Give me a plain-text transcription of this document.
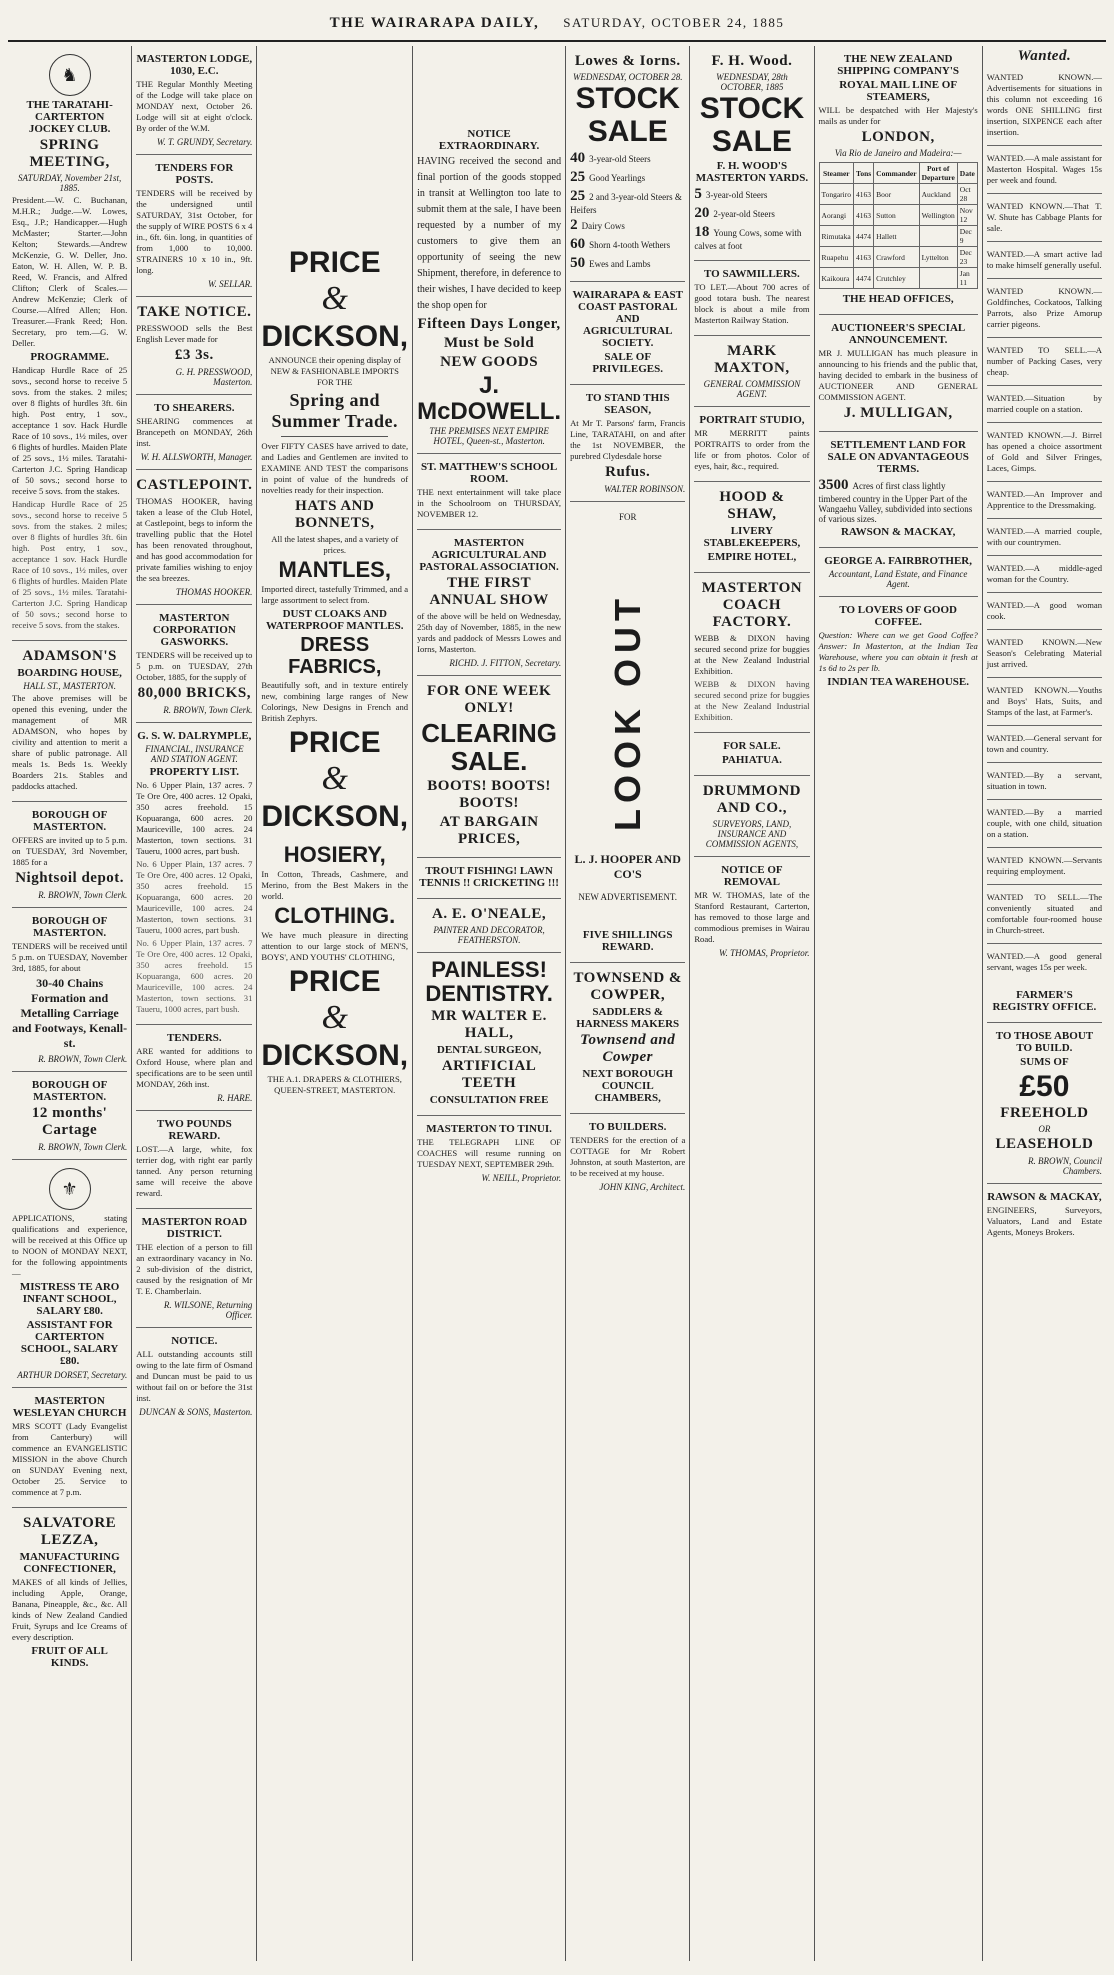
THE WAIRARAPA DAILY, SATURDAY, OCTOBER 24, 1885
♞
THE TARATAHI-CARTERTON JOCKEY CLUB.
SPRING MEETING,
SATURDAY, November 21st, 1885.
President.—W. C. Buchanan, M.H.R.; Judge.—W. Lowes, Esq., J.P.; Handicapper.—Hugh McMaster; Starter.—John Kelton; Stewards.—Andrew McKenzie, G. W. Deller, Jno. Eaton, W. H. Allen, W. P. B. Reed, W. Francis, and Alfred Clifton; Clerk of Scales.—Andrew McKenzie; Clerk of Course.—Alfred Allen; Hon. Treasurer.—Frank Reed; Hon. Secretary, pro tem.—G. W. Deller.
PROGRAMME.
Handicap Hurdle Race of 25 sovs., second horse to receive 5 sovs. from the stakes. 2 miles; over 8 flights of hurdles 3ft. 6in high. Post entry, 1 sov., acceptance 1 sov. Hack Hurdle Race of 10 sovs., 1½ miles, over 6 flights of hurdles. Maiden Plate of 25 sovs., 1½ miles. Taratahi-Carterton J.C. Spring Handicap of 50 sovs.; second horse to receive 5 sovs. from the stakes.
Handicap Hurdle Race of 25 sovs., second horse to receive 5 sovs. from the stakes. 2 miles; over 8 flights of hurdles 3ft. 6in high. Post entry, 1 sov., acceptance 1 sov. Hack Hurdle Race of 10 sovs., 1½ miles, over 6 flights of hurdles. Maiden Plate of 25 sovs., 1½ miles. Taratahi-Carterton J.C. Spring Handicap of 50 sovs.; second horse to receive 5 sovs. from the stakes.
ADAMSON'S
BOARDING HOUSE,
HALL ST., MASTERTON.
The above premises will be opened this evening, under the management of MR ADAMSON, who hopes by civility and attention to merit a share of public patronage. All meals 1s. Beds 1s. Weekly Boarders 21s. Stables and paddocks attached.
BOROUGH OF MASTERTON.
OFFERS are invited up to 5 p.m. on TUESDAY, 3rd November, 1885 for a
Nightsoil depot.
R. BROWN, Town Clerk.
BOROUGH OF MASTERTON.
TENDERS will be received until 5 p.m. on TUESDAY, November 3rd, 1885, for about
30-40 Chains Formation and Metalling Carriage and Footways, Kenall-st.
R. BROWN, Town Clerk.
BOROUGH OF MASTERTON.
12 months' Cartage
R. BROWN, Town Clerk.
⚜
APPLICATIONS, stating qualifications and experience, will be received at this Office up to NOON of MONDAY NEXT, for the following appointments—
MISTRESS TE ARO INFANT SCHOOL, SALARY £80.
ASSISTANT FOR CARTERTON SCHOOL, SALARY £80.
ARTHUR DORSET, Secretary.
MASTERTON WESLEYAN CHURCH
MRS SCOTT (Lady Evangelist from Canterbury) will commence an EVANGELISTIC MISSION in the above Church on SUNDAY Evening next, October 25. Service to commence at 7 p.m.
SALVATORE LEZZA,
MANUFACTURING CONFECTIONER,
MAKES of all kinds of Jellies, including Apple, Orange, Banana, Pineapple, &c., &c. All kinds of New Zealand Candied Fruit, Syrups and Ice Creams of every description.
FRUIT OF ALL KINDS.
MASTERTON LODGE, 1030, E.C.
THE Regular Monthly Meeting of the Lodge will take place on MONDAY next, October 26. Lodge will sit at eight o'clock. By order of the W.M.
W. T. GRUNDY, Secretary.
TENDERS FOR POSTS.
TENDERS will be received by the undersigned until SATURDAY, 31st October, for the supply of WIRE POSTS 6 x 4 in., 6ft. 6in. long, in quantities of from 1,000 to 10,000. STRAINERS 10 x 10 in., 9ft. long.
W. SELLAR.
TAKE NOTICE.
PRESSWOOD sells the Best English Lever made for
£3 3s.
G. H. PRESSWOOD, Masterton.
TO SHEARERS.
SHEARING commences at Brancepeth on MONDAY, 26th inst.
W. H. ALLSWORTH, Manager.
CASTLEPOINT.
THOMAS HOOKER, having taken a lease of the Club Hotel, at Castlepoint, begs to inform the travelling public that the Hotel has been renovated throughout, and has good accommodation for private families wishing to enjoy the sea breezes.
THOMAS HOOKER.
MASTERTON CORPORATION GASWORKS.
TENDERS will be received up to 5 p.m. on TUESDAY, 27th October, 1885, for the supply of
80,000 BRICKS,
R. BROWN, Town Clerk.
G. S. W. DALRYMPLE,
FINANCIAL, INSURANCE AND STATION AGENT.
PROPERTY LIST.
No. 6 Upper Plain, 137 acres. 7 Te Ore Ore, 400 acres. 12 Opaki, 350 acres freehold. 15 Kopuaranga, 600 acres. 20 Mauriceville, 100 acres. 24 Masterton, town sections. 31 Taueru, 1000 acres, part bush.
No. 6 Upper Plain, 137 acres. 7 Te Ore Ore, 400 acres. 12 Opaki, 350 acres freehold. 15 Kopuaranga, 600 acres. 20 Mauriceville, 100 acres. 24 Masterton, town sections. 31 Taueru, 1000 acres, part bush.
No. 6 Upper Plain, 137 acres. 7 Te Ore Ore, 400 acres. 12 Opaki, 350 acres freehold. 15 Kopuaranga, 600 acres. 20 Mauriceville, 100 acres. 24 Masterton, town sections. 31 Taueru, 1000 acres, part bush.
TENDERS.
ARE wanted for additions to Oxford House, where plan and specifications are to be seen until MONDAY, 26th inst.
R. HARE.
TWO POUNDS REWARD.
LOST.—A large, white, fox terrier dog, with right ear partly tanned. Any person returning same will receive the above reward.
MASTERTON ROAD DISTRICT.
THE election of a person to fill an extraordinary vacancy in No. 2 sub-division of the district, caused by the resignation of Mr T. E. Chamberlain.
R. WILSONE, Returning Officer.
NOTICE.
ALL outstanding accounts still owing to the late firm of Osmand and Duncan must be paid to us without fail on or before the 31st inst.
DUNCAN & SONS, Masterton.
PRICE
&
DICKSON,
ANNOUNCE their opening display of NEW & FASHIONABLE IMPORTS FOR THE
Spring and Summer Trade.
Over FIFTY CASES have arrived to date, and Ladies and Gentlemen are invited to EXAMINE AND TEST the comparisons in point of value of the hundreds of novelties ready for their inspection.
HATS AND BONNETS,
All the latest shapes, and a variety of prices.
MANTLES,
Imported direct, tastefully Trimmed, and a large assortment to select from.
DUST CLOAKS AND WATERPROOF MANTLES.
DRESS FABRICS,
Beautifully soft, and in texture entirely new, combining large ranges of New Colorings, New Designs in French and British Zephyrs.
PRICE
&
DICKSON,
HOSIERY,
In Cotton, Threads, Cashmere, and Merino, from the Best Makers in the world.
CLOTHING.
We have much pleasure in directing attention to our large stock of MEN'S, BOYS', AND YOUTHS' CLOTHING,
PRICE
&
DICKSON,
THE A.1. DRAPERS & CLOTHIERS, QUEEN-STREET, MASTERTON.
NOTICE EXTRAORDINARY.
HAVING received the second and final portion of the goods stopped in transit at Wellington too late to submit them at the sale, I have been requested by a number of my customers to give them an opportunity of seeing the new Shipment, therefore, in deference to their wishes, I have decided to keep the shop open for
Fifteen Days Longer,
Must be Sold
NEW GOODS
J. McDOWELL.
THE PREMISES NEXT EMPIRE HOTEL, Queen-st., Masterton.
ST. MATTHEW'S SCHOOL ROOM.
THE next entertainment will take place in the Schoolroom on THURSDAY, NOVEMBER 12.
MASTERTON AGRICULTURAL AND PASTORAL ASSOCIATION.
THE FIRST ANNUAL SHOW
of the above will be held on Wednesday, 25th day of November, 1885, in the new yards and paddock of Messrs Lowes and Iorns, Masterton.
RICHD. J. FITTON, Secretary.
FOR ONE WEEK ONLY!
CLEARING SALE.
BOOTS! BOOTS! BOOTS!
AT BARGAIN PRICES,
TROUT FISHING! LAWN TENNIS !! CRICKETING !!!
A. E. O'NEALE,
PAINTER AND DECORATOR, FEATHERSTON.
PAINLESS! DENTISTRY.
MR WALTER E. HALL,
DENTAL SURGEON,
ARTIFICIAL TEETH
CONSULTATION FREE
MASTERTON TO TINUI.
THE TELEGRAPH LINE OF COACHES will resume running on TUESDAY NEXT, SEPTEMBER 29th.
W. NEILL, Proprietor.
Lowes & Iorns.
WEDNESDAY, OCTOBER 28.
STOCK SALE
40 3-year-old Steers
25 Good Yearlings
25 2 and 3-year-old Steers & Heifers
2 Dairy Cows
60 Shorn 4-tooth Wethers
50 Ewes and Lambs
WAIRARAPA & EAST COAST PASTORAL AND AGRICULTURAL SOCIETY.
SALE OF PRIVILEGES.
TO STAND THIS SEASON,
At Mr T. Parsons' farm, Francis Line, TARATAHI, on and after the 1st NOVEMBER, the purebred Clydesdale horse
Rufus.
WALTER ROBINSON.
LOOK OUT
FOR
L. J. HOOPER AND CO'S
NEW ADVERTISEMENT.
FIVE SHILLINGS REWARD.
TOWNSEND & COWPER,
SADDLERS & HARNESS MAKERS
Townsend and Cowper
NEXT BOROUGH COUNCIL CHAMBERS,
TO BUILDERS.
TENDERS for the erection of a COTTAGE for Mr Robert Johnston, at south Masterton, are to be received at my house.
JOHN KING, Architect.
F. H. Wood.
WEDNESDAY, 28th OCTOBER, 1885
STOCK SALE
F. H. WOOD'S MASTERTON YARDS.
5 3-year-old Steers
20 2-year-old Steers
18 Young Cows, some with calves at foot
TO SAWMILLERS.
TO LET.—About 700 acres of good totara bush. The nearest block is about a mile from Masterton Railway Station.
MARK MAXTON,
GENERAL COMMISSION AGENT.
PORTRAIT STUDIO,
MR MERRITT paints PORTRAITS to order from the life or from photos. Color of eyes, hair, &c., required.
HOOD & SHAW,
LIVERY STABLEKEEPERS,
EMPIRE HOTEL,
MASTERTON COACH FACTORY.
WEBB & DIXON having secured second prize for buggies at the New Zealand Industrial Exhibition.
WEBB & DIXON having secured second prize for buggies at the New Zealand Industrial Exhibition.
FOR SALE.
PAHIATUA.
DRUMMOND AND CO.,
SURVEYORS, LAND, INSURANCE AND COMMISSION AGENTS,
NOTICE OF REMOVAL
MR W. THOMAS, late of the Stanford Restaurant, Carterton, has removed to those large and commodious premises in Wairau Road.
W. THOMAS, Proprietor.
THE NEW ZEALAND SHIPPING COMPANY'S
ROYAL MAIL LINE OF STEAMERS,
WILL be despatched with Her Majesty's mails as under for
LONDON,
Via Rio de Janeiro and Madeira:—
Steamer	Tons	Commander	Port of Departure	Date
Tongariro	4163	Boor	Auckland	Oct 28
Aorangi	4163	Sutton	Wellington	Nov 12
Rimutaka	4474	Hallett		Dec 9
Ruapehu	4163	Crawford	Lyttelton	Dec 23
Kaikoura	4474	Crutchley		Jan 11
THE HEAD OFFICES,
AUCTIONEER'S SPECIAL ANNOUNCEMENT.
MR J. MULLIGAN has much pleasure in announcing to his friends and the public that, having decided to embark in the business of AUCTIONEER AND GENERAL COMMISSION AGENT.
J. MULLIGAN,
SETTLEMENT LAND FOR SALE ON ADVANTAGEOUS TERMS.
3500 Acres of first class lightly timbered country in the Upper Part of the Wangaehu Valley, subdivided into sections of various sizes.
RAWSON & MACKAY,
GEORGE A. FAIRBROTHER,
Accountant, Land Estate, and Finance Agent.
TO LOVERS OF GOOD COFFEE.
Question: Where can we get Good Coffee? Answer: In Masterton, at the Indian Tea Warehouse, where you can obtain it fresh at 1s 6d to 2s per lb.
INDIAN TEA WAREHOUSE.
Wanted.
WANTED KNOWN.—Advertisements for situations in this column not exceeding 16 words ONE SHILLING first insertion, SIXPENCE each after insertion.
WANTED.—A male assistant for Masterton Hospital. Wages 15s per week and found.
WANTED KNOWN.—That T. W. Shute has Cabbage Plants for sale.
WANTED.—A smart active lad to make himself generally useful.
WANTED KNOWN.—Goldfinches, Cockatoos, Talking Parrots, also Prize Amorup carrier pigeons.
WANTED TO SELL.—A number of Packing Cases, very cheap.
WANTED.—Situation by married couple on a station.
WANTED KNOWN.—J. Birrel has opened a choice assortment of Gold and Silver Fringes, Laces, Gimps.
WANTED.—An Improver and Apprentice to the Dressmaking.
WANTED.—A married couple, with our countrymen.
WANTED.—A middle-aged woman for the Country.
WANTED.—A good woman cook.
WANTED KNOWN.—New Season's Celebrating Material just arrived.
WANTED KNOWN.—Youths and Boys' Hats, Suits, and Stamps of the last, at Farmer's.
WANTED.—General servant for town and country.
WANTED.—By a servant, situation in town.
WANTED.—By a married couple, with one child, situation on a station.
WANTED KNOWN.—Servants requiring employment.
WANTED TO SELL.—The conveniently situated and comfortable four-roomed house in Church-street.
WANTED.—A good general servant, wages 15s per week.
FARMER'S REGISTRY OFFICE.
TO THOSE ABOUT TO BUILD.
SUMS OF
£50
FREEHOLD
OR
LEASEHOLD
R. BROWN, Council Chambers.
RAWSON & MACKAY,
ENGINEERS, Surveyors, Valuators, Land and Estate Agents, Moneys Brokers.
